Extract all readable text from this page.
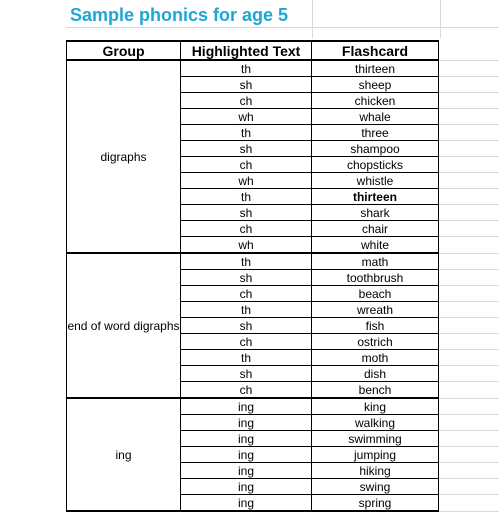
Sample phonics for age 5
Group	Highlighted Text	Flashcard	
digraphs	th	thirteen	
	sh	sheep	
	ch	chicken	
	wh	whale	
	th	three	
	sh	shampoo	
	ch	chopsticks	
	wh	whistle	
	th	thirteen	
	sh	shark	
	ch	chair	
	wh	white	
end of word digraphs	th	math	
	sh	toothbrush	
	ch	beach	
	th	wreath	
	sh	fish	
	ch	ostrich	
	th	moth	
	sh	dish	
	ch	bench	
ing	ing	king	
	ing	walking	
	ing	swimming	
	ing	jumping	
	ing	hiking	
	ing	swing	
	ing	spring	
